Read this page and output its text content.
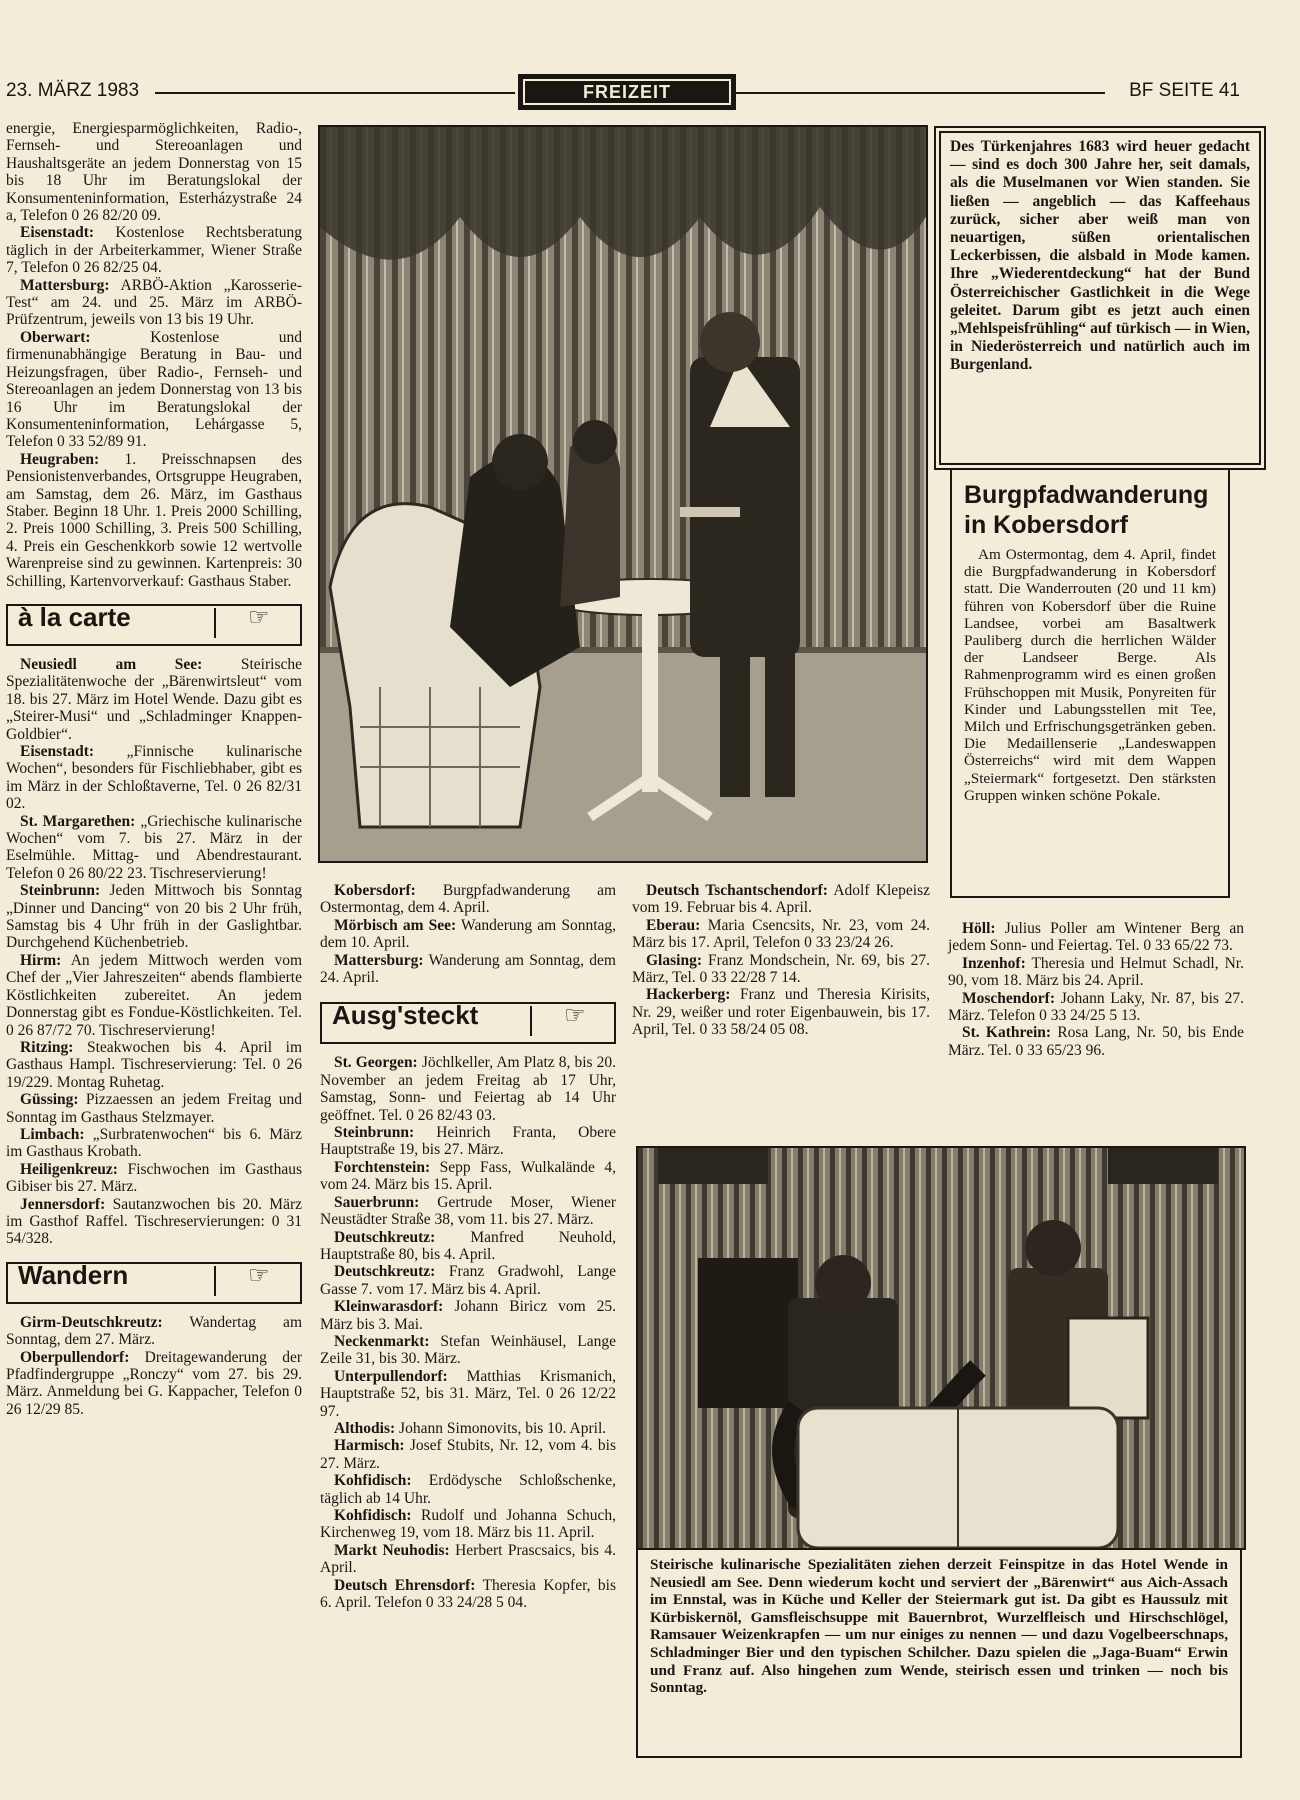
23. MÄRZ 1983	FREIZEIT	BF SEITE 41

energie, Energiesparmöglichkeiten, Radio-, Fernseh- und Stereoanlagen und Haushaltsgeräte an jedem Donnerstag von 15 bis 18 Uhr im Beratungslokal der Konsumenteninformation, Esterházystraße 24 a, Telefon 0 26 82/20 09.

Eisenstadt: Kostenlose Rechtsberatung täglich in der Arbeiterkammer, Wiener Straße 7, Telefon 0 26 82/25 04.

Mattersburg: ARBÖ-Aktion „Karosserie-Test“ am 24. und 25. März im ARBÖ-Prüfzentrum, jeweils von 13 bis 19 Uhr.

Oberwart: Kostenlose und firmenunabhängige Beratung in Bau- und Heizungsfragen, über Radio-, Fernseh- und Stereoanlagen an jedem Donnerstag von 13 bis 16 Uhr im Beratungslokal der Konsumenteninformation, Lehárgasse 5, Telefon 0 33 52/89 91.

Heugraben: 1. Preisschnapsen des Pensionistenverbandes, Ortsgruppe Heugraben, am Samstag, dem 26. März, im Gasthaus Staber. Beginn 18 Uhr. 1. Preis 2000 Schilling, 2. Preis 1000 Schilling, 3. Preis 500 Schilling, 4. Preis ein Geschenkkorb sowie 12 wertvolle Warenpreise sind zu gewinnen. Kartenpreis: 30 Schilling, Kartenvorverkauf: Gasthaus Staber.

à la carte	☞

Neusiedl am See: Steirische Spezialitätenwoche der „Bärenwirtsleut“ vom 18. bis 27. März im Hotel Wende. Dazu gibt es „Steirer-Musi“ und „Schladminger Knappen-Goldbier“.

Eisenstadt: „Finnische kulinarische Wochen“, besonders für Fischliebhaber, gibt es im März in der Schloßtaverne, Tel. 0 26 82/31 02.

St. Margarethen: „Griechische kulinarische Wochen“ vom 7. bis 27. März in der Eselmühle. Mittag- und Abendrestaurant. Telefon 0 26 80/22 23. Tischreservierung!

Steinbrunn: Jeden Mittwoch bis Sonntag „Dinner und Dancing“ von 20 bis 2 Uhr früh, Samstag bis 4 Uhr früh in der Gaslightbar. Durchgehend Küchenbetrieb.

Hirm: An jedem Mittwoch werden vom Chef der „Vier Jahreszeiten“ abends flambierte Köstlichkeiten zubereitet. An jedem Donnerstag gibt es Fondue-Köstlichkeiten. Tel. 0 26 87/72 70. Tischreservierung!

Ritzing: Steakwochen bis 4. April im Gasthaus Hampl. Tischreservierung: Tel. 0 26 19/229. Montag Ruhetag.

Güssing: Pizzaessen an jedem Freitag und Sonntag im Gasthaus Stelzmayer.

Limbach: „Surbratenwochen“ bis 6. März im Gasthaus Krobath.

Heiligenkreuz: Fischwochen im Gasthaus Gibiser bis 27. März.

Jennersdorf: Sautanzwochen bis 20. März im Gasthof Raffel. Tischreservierungen: 0 31 54/328.

Wandern	☞

Girm-Deutschkreutz: Wandertag am Sonntag, dem 27. März.

Oberpullendorf: Dreitagewanderung der Pfadfindergruppe „Ronczy“ vom 27. bis 29. März. Anmeldung bei G. Kappacher, Telefon 0 26 12/29 85.

Kobersdorf: Burgpfadwanderung am Ostermontag, dem 4. April.

Mörbisch am See: Wanderung am Sonntag, dem 10. April.

Mattersburg: Wanderung am Sonntag, dem 24. April.

Ausg'steckt	☞

St. Georgen: Jöchlkeller, Am Platz 8, bis 20. November an jedem Freitag ab 17 Uhr, Samstag, Sonn- und Feiertag ab 14 Uhr geöffnet. Tel. 0 26 82/43 03.

Steinbrunn: Heinrich Franta, Obere Hauptstraße 19, bis 27. März.

Forchtenstein: Sepp Fass, Wulkalände 4, vom 24. März bis 15. April.

Sauerbrunn: Gertrude Moser, Wiener Neustädter Straße 38, vom 11. bis 27. März.

Deutschkreutz: Manfred Neuhold, Hauptstraße 80, bis 4. April.

Deutschkreutz: Franz Gradwohl, Lange Gasse 7. vom 17. März bis 4. April.

Kleinwarasdorf: Johann Biricz vom 25. März bis 3. Mai.

Neckenmarkt: Stefan Weinhäusel, Lange Zeile 31, bis 30. März.

Unterpullendorf: Matthias Krismanich, Hauptstraße 52, bis 31. März, Tel. 0 26 12/22 97.

Althodis: Johann Simonovits, bis 10. April.

Harmisch: Josef Stubits, Nr. 12, vom 4. bis 27. März.

Kohfidisch: Erdödysche Schloßschenke, täglich ab 14 Uhr.

Kohfidisch: Rudolf und Johanna Schuch, Kirchenweg 19, vom 18. März bis 11. April.

Markt Neuhodis: Herbert Prascsaics, bis 4. April.

Deutsch Ehrensdorf: Theresia Kopfer, bis 6. April. Telefon 0 33 24/28 5 04.

Deutsch Tschantschendorf: Adolf Klepeisz vom 19. Februar bis 4. April.

Eberau: Maria Csencsits, Nr. 23, vom 24. März bis 17. April, Telefon 0 33 23/24 26.

Glasing: Franz Mondschein, Nr. 69, bis 27. März, Tel. 0 33 22/28 7 14.

Hackerberg: Franz und Theresia Kirisits, Nr. 29, weißer und roter Eigenbauwein, bis 17. April, Tel. 0 33 58/24 05 08.

Des Türkenjahres 1683 wird heuer gedacht — sind es doch 300 Jahre her, seit damals, als die Muselmanen vor Wien standen. Sie ließen — angeblich — das Kaffeehaus zurück, sicher aber weiß man von neuartigen, süßen orientalischen Leckerbissen, die alsbald in Mode kamen. Ihre „Wiederentdeckung“ hat der Bund Österreichischer Gastlichkeit in die Wege geleitet. Darum gibt es jetzt auch einen „Mehlspeisfrühling“ auf türkisch — in Wien, in Niederösterreich und natürlich auch im Burgenland.
Burgpfadwanderung in Kobersdorf

Am Ostermontag, dem 4. April, findet die Burgpfadwanderung in Kobersdorf statt. Die Wanderrouten (20 und 11 km) führen von Kobersdorf über die Ruine Landsee, vorbei am Basaltwerk Pauliberg durch die herrlichen Wälder der Landseer Berge. Als Rahmenprogramm wird es einen großen Frühschoppen mit Musik, Ponyreiten für Kinder und Labungsstellen mit Tee, Milch und Erfrischungsgetränken geben. Die Medaillenserie „Landeswappen Österreichs“ wird mit dem Wappen „Steiermark“ fortgesetzt. Den stärksten Gruppen winken schöne Pokale.

Höll: Julius Poller am Wintener Berg an jedem Sonn- und Feiertag. Tel. 0 33 65/22 73.

Inzenhof: Theresia und Helmut Schadl, Nr. 90, vom 18. März bis 24. April.

Moschendorf: Johann Laky, Nr. 87, bis 27. März. Telefon 0 33 24/25 5 13.

St. Kathrein: Rosa Lang, Nr. 50, bis Ende März. Tel. 0 33 65/23 96.

Steirische kulinarische Spezialitäten ziehen derzeit Feinspitze in das Hotel Wende in Neusiedl am See. Denn wiederum kocht und serviert der „Bärenwirt“ aus Aich-Assach im Ennstal, was in Küche und Keller der Steiermark gut ist. Da gibt es Haussulz mit Kürbiskernöl, Gamsfleischsuppe mit Bauernbrot, Wurzelfleisch und Hirschschlögel, Ramsauer Weizenkrapfen — um nur einiges zu nennen — und dazu Vogelbeerschnaps, Schladminger Bier und den typischen Schilcher. Dazu spielen die „Jaga-Buam“ Erwin und Franz auf. Also hingehen zum Wende, steirisch essen und trinken — noch bis Sonntag.
